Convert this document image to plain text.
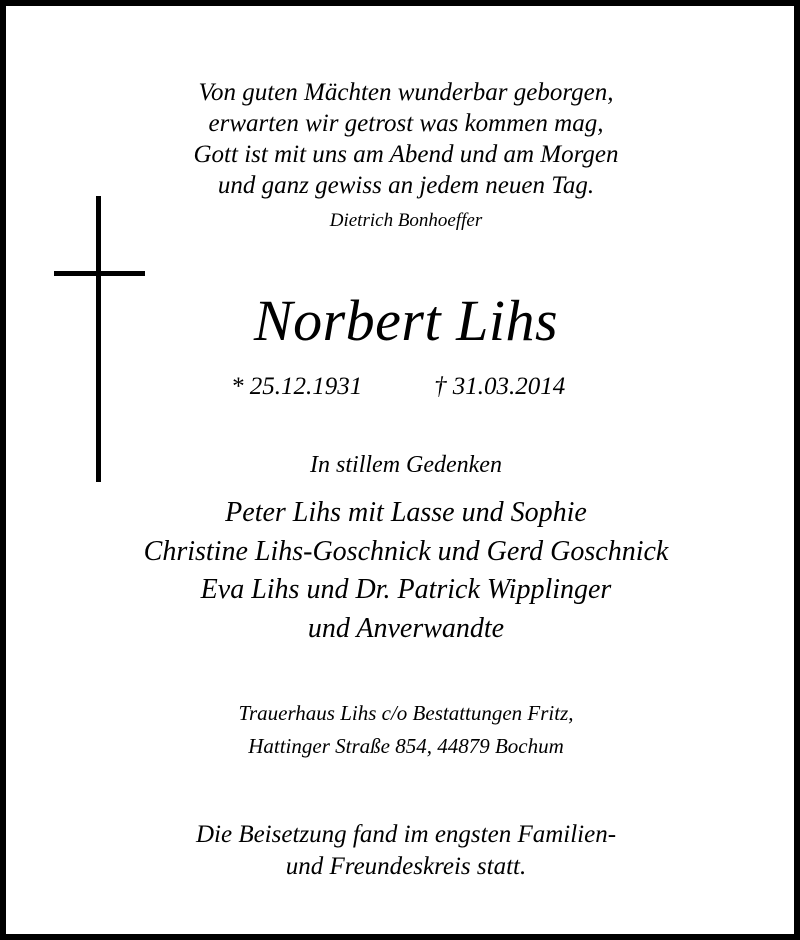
Von guten Mächten wunderbar geborgen,
erwarten wir getrost was kommen mag,
Gott ist mit uns am Abend und am Morgen
und ganz gewiss an jedem neuen Tag.
Dietrich Bonhoeffer
Norbert Lihs
* 25.12.1931	† 31.03.2014
In stillem Gedenken
Peter Lihs mit Lasse und Sophie
Christine Lihs-Goschnick und Gerd Goschnick
Eva Lihs und Dr. Patrick Wipplinger
und Anverwandte
Trauerhaus Lihs c/o Bestattungen Fritz,
Hattinger Straße 854, 44879 Bochum
Die Beisetzung fand im engsten Familien-
und Freundeskreis statt.
